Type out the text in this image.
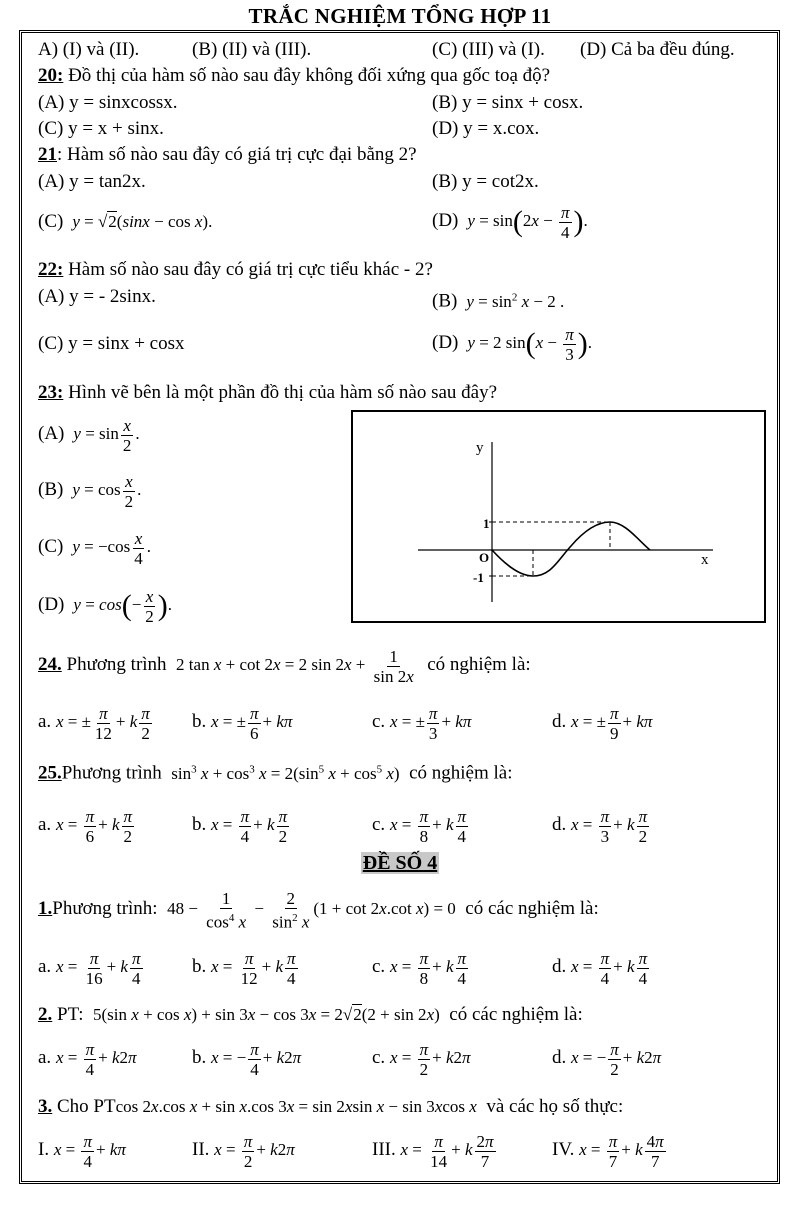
TRẮC NGHIỆM TỔNG HỢP 11
A) (I) và (II).	(B) (II) và (III).	(C) (III) và (I). (D) Cả ba đều đúng.
20: Đồ thị của hàm số nào sau đây không đối xứng qua gốc toạ độ?
(A) y = sinxcossx.	(B) y = sinx + cosx.
(C) y = x + sinx.	(D) y = x.cox.
21: Hàm số nào sau đây có giá trị cực đại bằng 2?
(A) y = tan2x.	(B) y = cot2x.
(C) y = √2(sinx − cos x).	(D) $y = \sin(2x - \frac{\pi}{4}$ ).
22: Hàm số nào sau đây có giá trị cực tiểu khác - 2?
(A) y = - 2sinx.	(B) $y = \sin^2 x - 2$ .
(C) y = sinx + cosx	(D) y = 2 $\sin(x - \frac{\pi}{3}$ ).
23: Hình vẽ bên là một phần đồ thị của hàm số nào sau đây?
(A) $y = \sin \frac{x}{2}$ .
(B) $y = \cos \frac{x}{2}$ .
(C) $y = -\cos \frac{x}{4}$ .
(D) $y = \cos(- \frac{x}{2}$ ).
y
x
O
1
-1
24. Phương trình 2 tan x + cot 2x = 2 $\sin 2x + \frac{1}{\sin 2x}$ có nghiệm là:
a. x = ± $\frac{\pi}{12} + k \frac{\pi}{2} b$. x = ± $\frac{\pi}{6} + k\pi$	c. x = ± $\frac{\pi}{3} + k\pi$	d. x = ± $\frac{\pi}{9} + k\pi$
25.Phương trình $\sin^3 x + \cos^3 x = 2(\sin^5$ $x + \cos^5 x$) có nghiệm là:
a. $x = \frac{\pi}{6} + k \frac{\pi}{2}$	b. $x = \frac{\pi}{4} + k \frac{\pi}{2}$	c. $x = \frac{\pi}{8} + k \frac{\pi}{4}$	d. $x = \frac{\pi}{3} + k \frac{\pi}{2}$
ĐỀ SỐ 4
1.Phương trình: $48 - \frac{1}{\cos^4 x} - \frac{2}{\sin^2 x} (1 + \cot 2x.\cot$ x) = 0 có các nghiệm là:
a. $x = \frac{\pi}{16} + k \frac{\pi}{4}$	b. $x = \frac{\pi}{12} + k \frac{\pi}{4}$	c. $x = \frac{\pi}{8} + k \frac{\pi}{4}$	d. $x = \frac{\pi}{4} + k \frac{\pi}{4}$
2. PT: 5(sin x + cos x) + sin 3x − cos 3x = 2√2(2 + sin 2x) có các nghiệm là:
a. $x = \frac{\pi}{4} + k2\pi$	b. x = − $\frac{\pi}{4} + k2\pi$	c. $x = \frac{\pi}{2} + k2\pi$	d. x = − $\frac{\pi}{2} + k2\pi$
3. Cho PTcos 2x.cos x + sin x.cos 3x = sin 2xsin x − sin 3xcos x và các họ số thực:
I. $x = \frac{\pi}{4} + k\pi$	II. $x = \frac{\pi}{2} + k2\pi$	III. $x = \frac{\pi}{14} + k \frac{2\pi}{7}$	IV. $x = \frac{\pi}{7} + k \frac{4\pi}{7}$
